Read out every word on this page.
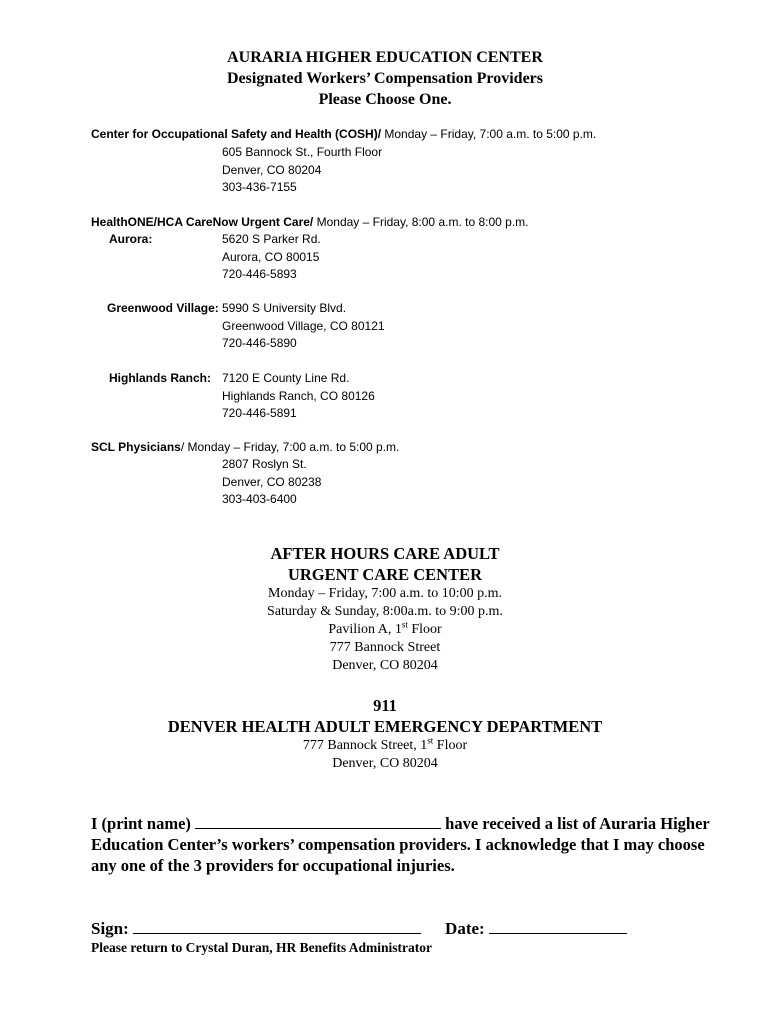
AURARIA HIGHER EDUCATION CENTER
Designated Workers’ Compensation Providers
Please Choose One.
Center for Occupational Safety and Health (COSH)/ Monday – Friday, 7:00 a.m. to 5:00 p.m.
605 Bannock St., Fourth Floor
Denver, CO 80204
303-436-7155
HealthONE/HCA CareNow Urgent Care/ Monday – Friday, 8:00 a.m. to 8:00 p.m.
Aurora:	5620 S Parker Rd.
Aurora, CO 80015
720-446-5893
Greenwood Village: 5990 S University Blvd.
Greenwood Village, CO 80121
720-446-5890
Highlands Ranch: 7120 E County Line Rd.
Highlands Ranch, CO 80126
720-446-5891
SCL Physicians/ Monday – Friday, 7:00 a.m. to 5:00 p.m.
2807 Roslyn St.
Denver, CO 80238
303-403-6400
AFTER HOURS CARE ADULT
URGENT CARE CENTER
Monday – Friday, 7:00 a.m. to 10:00 p.m.
Saturday & Sunday, 8:00a.m. to 9:00 p.m.
Pavilion A, 1st Floor
777 Bannock Street
Denver, CO 80204
911
DENVER HEALTH ADULT EMERGENCY DEPARTMENT
777 Bannock Street, 1st Floor
Denver, CO 80204
I (print name)	have received a list of Auraria Higher Education Center’s workers’ compensation providers. I acknowledge that I may choose any one of the 3 providers for occupational injuries.
Sign:	Date:
Please return to Crystal Duran, HR Benefits Administrator
